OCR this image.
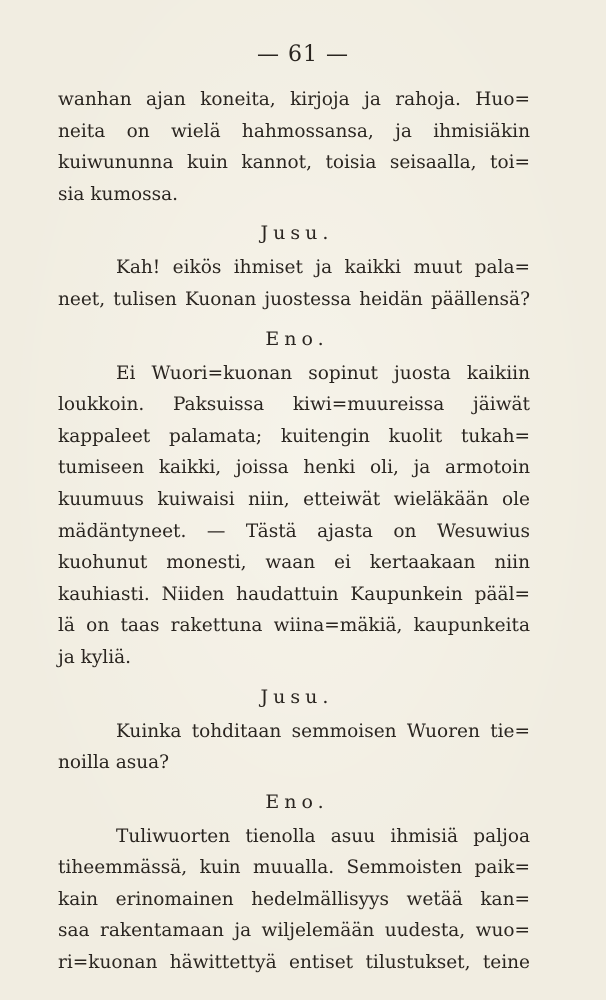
— 61 —
wanhan ajan koneita, kirjoja ja rahoja. Huo=
neita on wielä hahmossansa, ja ihmisiäkin
kuiwununna kuin kannot, toisia seisaalla, toi=
sia kumossa.
Jusu.
Kah! eikös ihmiset ja kaikki muut pala=
neet, tulisen Kuonan juostessa heidän päällensä?
Eno.
Ei Wuori=kuonan sopinut juosta kaikiin
loukkoin. Paksuissa kiwi=muureissa jäiwät
kappaleet palamata; kuitengin kuolit tukah=
tumiseen kaikki, joissa henki oli, ja armotoin
kuumuus kuiwaisi niin, etteiwät wieläkään ole
mädäntyneet. — Tästä ajasta on Wesuwius
kuohunut monesti, waan ei kertaakaan niin
kauhiasti. Niiden haudattuin Kaupunkein pääl=
lä on taas rakettuna wiina=mäkiä, kaupunkeita
ja kyliä.
Jusu.
Kuinka tohditaan semmoisen Wuoren tie=
noilla asua?
Eno.
Tuliwuorten tienolla asuu ihmisiä paljoa
tiheemmässä, kuin muualla. Semmoisten paik=
kain erinomainen hedelmällisyys wetää kan=
saa rakentamaan ja wiljelemään uudesta, wuo=
ri=kuonan häwittettyä entiset tilustukset, teine
